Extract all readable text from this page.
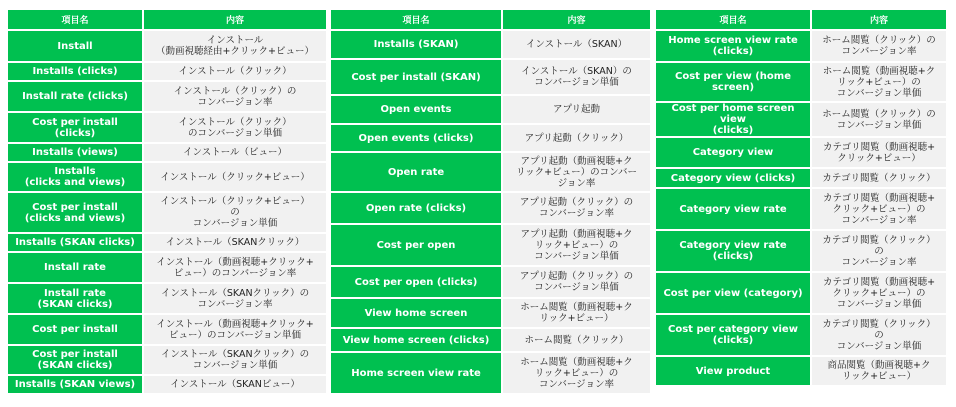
項目名	内容
Install	インストール
（動画視聴経由+クリック+ビュー）
Installs (clicks)	インストール（クリック）
Install rate (clicks)	インストール（クリック）の
コンバージョン率
Cost per install (clicks)	インストール（クリック）
のコンバージョン単価
Installs (views)	インストール（ビュー）
Installs
(clicks and views)	インストール（クリック+ビュー）
Cost per install
(clicks and views)	インストール（クリック+ビュー）
の
コンバージョン単価
Installs (SKAN clicks)	インストール（SKANクリック）
Install rate	インストール（動画視聴+クリック+
ビュー）のコンバージョン率
Install rate
(SKAN clicks)	インストール（SKANクリック）の
コンバージョン率
Cost per install	インストール（動画視聴+クリック+
ビュー）のコンバージョン単価
Cost per install
(SKAN clicks)	インストール（SKANクリック）の
コンバージョン単価
Installs (SKAN views)	インストール（SKANビュー）
項目名	内容
Installs (SKAN)	インストール（SKAN）
Cost per install (SKAN)	インストール（SKAN）の
コンバージョン単価
Open events	アプリ起動
Open events (clicks)	アプリ起動（クリック）
Open rate	アプリ起動（動画視聴+ク
リック+ビュー）のコンバー
ジョン率
Open rate (clicks)	アプリ起動（クリック）の
コンバージョン率
Cost per open	アプリ起動（動画視聴+ク
リック+ビュー）の
コンバージョン単価
Cost per open (clicks)	アプリ起動（クリック）の
コンバージョン単価
View home screen	ホーム閲覧（動画視聴+ク
リック+ビュー）
View home screen (clicks)	ホーム閲覧（クリック）
Home screen view rate	ホーム閲覧（動画視聴+ク
リック+ビュー）の
コンバージョン率
項目名	内容
Home screen view rate
(clicks)	ホーム閲覧（クリック）の
コンバージョン率
Cost per view (home screen)	ホーム閲覧（動画視聴+ク
リック+ビュー）の
コンバージョン単価
Cost per home screen view
(clicks)	ホーム閲覧（クリック）の
コンバージョン単価
Category view	カテゴリ閲覧（動画視聴+
クリック+ビュー）
Category view (clicks)	カテゴリ閲覧（クリック）
Category view rate	カテゴリ閲覧（動画視聴+
クリック+ビュー）の
コンバージョン率
Category view rate (clicks)	カテゴリ閲覧（クリック）
の
コンバージョン率
Cost per view (category)	カテゴリ閲覧（動画視聴+
クリック+ビュー）の
コンバージョン単価
Cost per category view
(clicks)	カテゴリ閲覧（クリック）
の
コンバージョン単価
View product	商品閲覧（動画視聴+ク
リック+ビュー）
